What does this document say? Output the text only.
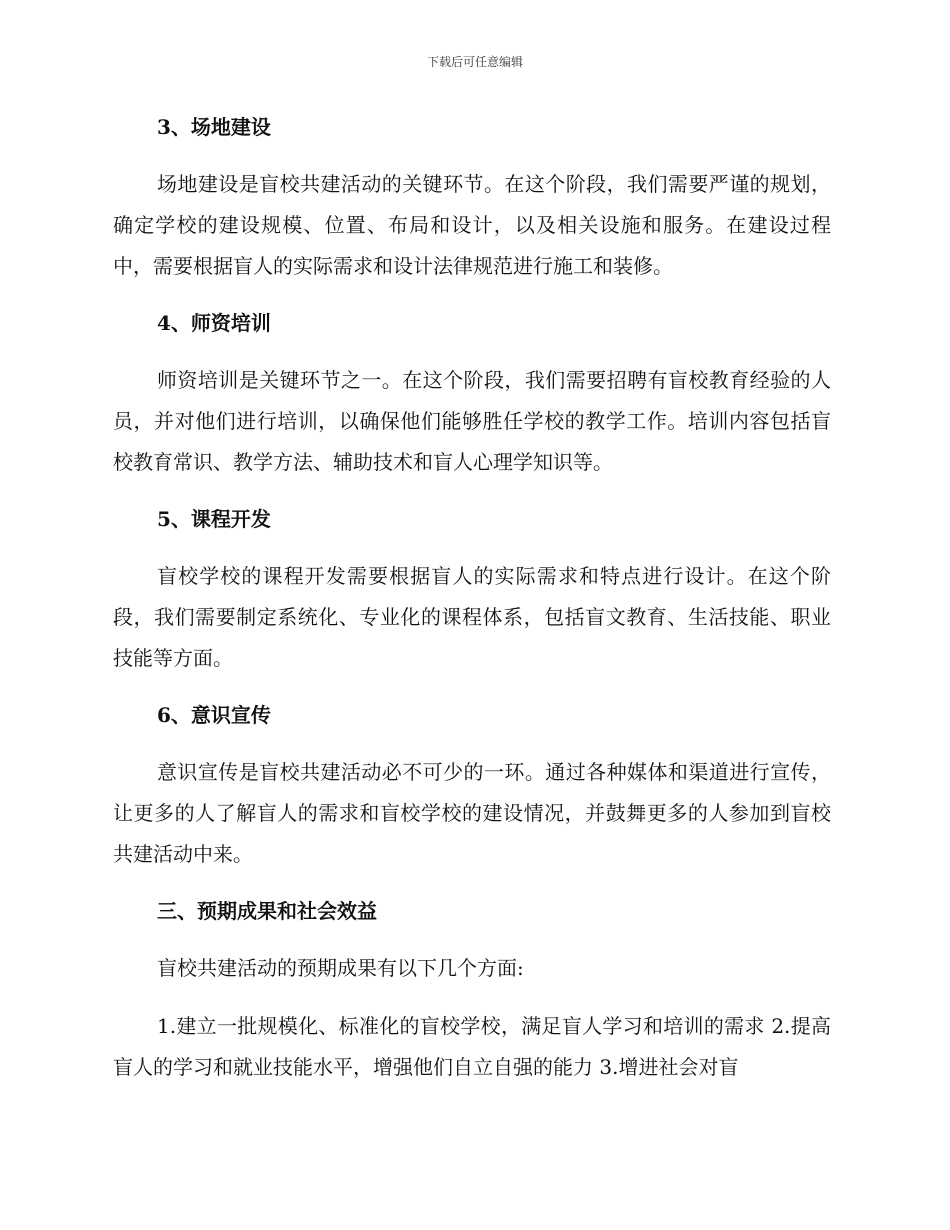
下载后可任意编辑
3、场地建设

场地建设是盲校共建活动的关键环节。在这个阶段，我们需要严谨的规划，确定学校的建设规模、位置、布局和设计，以及相关设施和服务。在建设过程中，需要根据盲人的实际需求和设计法律规范进行施工和装修。

4、师资培训

师资培训是关键环节之一。在这个阶段，我们需要招聘有盲校教育经验的人员，并对他们进行培训，以确保他们能够胜任学校的教学工作。培训内容包括盲校教育常识、教学方法、辅助技术和盲人心理学知识等。

5、课程开发

盲校学校的课程开发需要根据盲人的实际需求和特点进行设计。在这个阶段，我们需要制定系统化、专业化的课程体系，包括盲文教育、生活技能、职业技能等方面。

6、意识宣传

意识宣传是盲校共建活动必不可少的一环。通过各种媒体和渠道进行宣传，让更多的人了解盲人的需求和盲校学校的建设情况，并鼓舞更多的人参加到盲校共建活动中来。

三、预期成果和社会效益

盲校共建活动的预期成果有以下几个方面:

1.建立一批规模化、标准化的盲校学校，满足盲人学习和培训的需求 2.提高盲人的学习和就业技能水平，增强他们自立自强的能力 3.增进社会对盲
